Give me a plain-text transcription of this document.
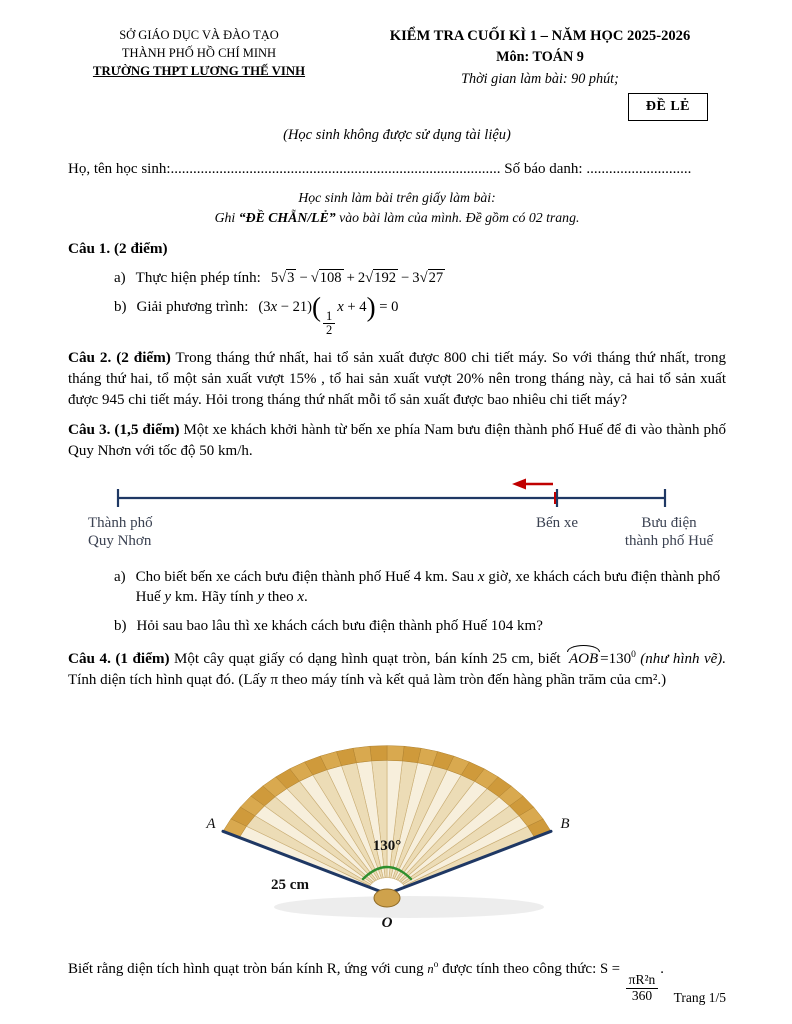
SỞ GIÁO DỤC VÀ ĐÀO TẠO
THÀNH PHỐ HỒ CHÍ MINH
TRƯỜNG THPT LƯƠNG THẾ VINH
KIỂM TRA CUỐI KÌ 1 – NĂM HỌC 2025-2026
Môn: TOÁN 9
Thời gian làm bài: 90 phút;
ĐỀ LẺ
(Học sinh không được sử dụng tài liệu)
Họ, tên học sinh:........................................................................................ Số báo danh: ............................
Học sinh làm bài trên giấy làm bài:
Ghi “ĐỀ CHẴN/LẺ” vào bài làm của mình. Đề gồm có 02 trang.
Câu 1. (2 điểm)
a) Thực hiện phép tính: 5√3 − √108 + 2√192 − 3√27
b) Giải phương trình: (3x − 21)(
$\frac{1}{2}$
x + 4) = 0

Câu 2. (2 điểm) Trong tháng thứ nhất, hai tổ sản xuất được 800 chi tiết máy. So với tháng thứ nhất, trong tháng thứ hai, tổ một sản xuất vượt 15% , tổ hai sản xuất vượt 20% nên trong tháng này, cả hai tổ sản xuất được 945 chi tiết máy. Hỏi trong tháng thứ nhất mỗi tổ sản xuất được bao nhiêu chi tiết máy?

Câu 3. (1,5 điểm) Một xe khách khởi hành từ bến xe phía Nam bưu điện thành phố Huế để đi vào thành phố Quy Nhơn với tốc độ 50 km/h.

Thành phố
Quy Nhơn
Bến xe	Bưu điện
thành phố Huế
a) Cho biết bến xe cách bưu điện thành phố Huế 4 km. Sau x giờ, xe khách cách bưu điện thành phố Huế y km. Hãy tính y theo x.
b) Hỏi sau bao lâu thì xe khách cách bưu điện thành phố Huế 104 km?

Câu 4. (1 điểm) Một cây quạt giấy có dạng hình quạt tròn, bán kính 25 cm, biết AOB $=130^0$ (như hình vẽ). Tính diện tích hình quạt đó. (Lấy π theo máy tính và kết quả làm tròn đến hàng phần trăm của cm².)

A	B
O
130°
25 cm

Biết rằng diện tích hình quạt tròn bán kính R, ứng với cung $n^o$ được tính theo công thức: S =
$\frac{\text{πR²n}}{360}$
.

Trang 1/5
